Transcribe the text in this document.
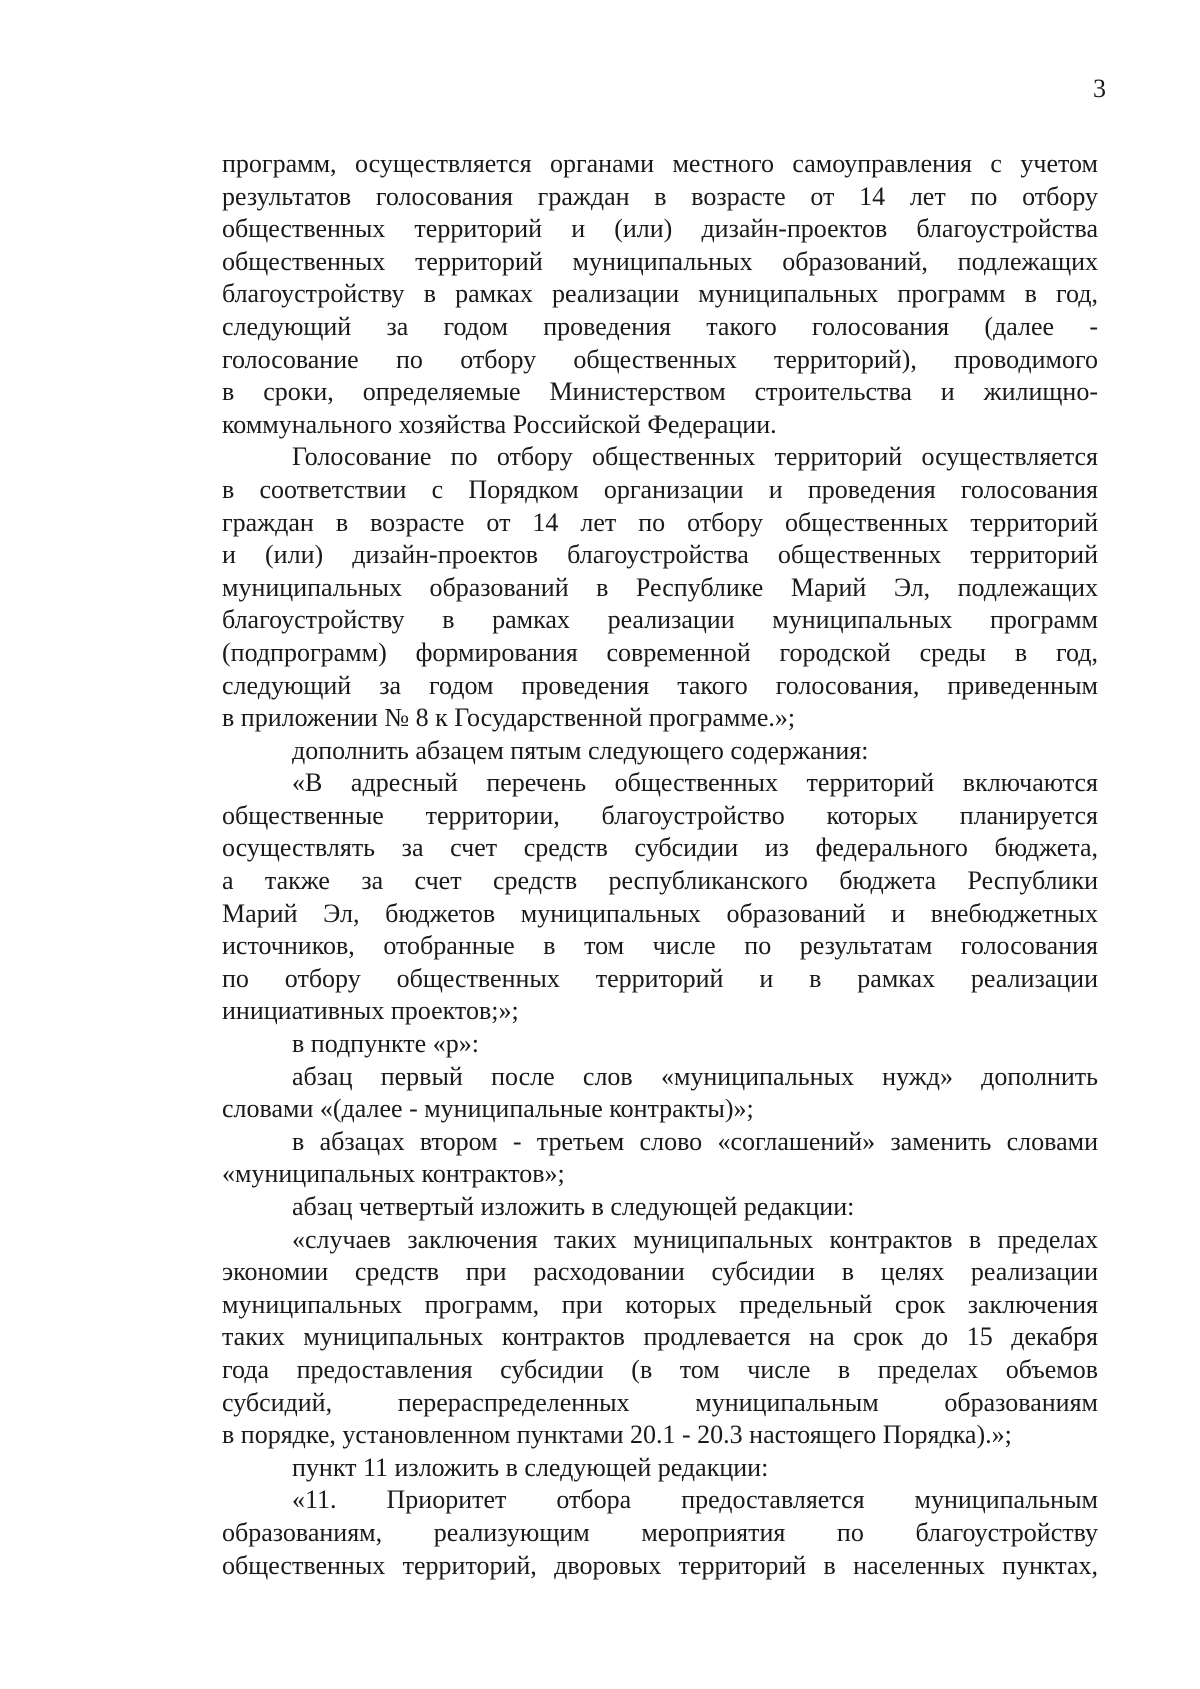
3
программ, осуществляется органами местного самоуправления с учетом
результатов голосования граждан в возрасте от 14 лет по отбору
общественных территорий и (или) дизайн-проектов благоустройства
общественных территорий муниципальных образований, подлежащих
благоустройству в рамках реализации муниципальных программ в год,
следующий за годом проведения такого голосования (далее -
голосование по отбору общественных территорий), проводимого
в сроки, определяемые Министерством строительства и жилищно-
коммунального хозяйства Российской Федерации.
Голосование по отбору общественных территорий осуществляется
в соответствии с Порядком организации и проведения голосования
граждан в возрасте от 14 лет по отбору общественных территорий
и (или) дизайн-проектов благоустройства общественных территорий
муниципальных образований в Республике Марий Эл, подлежащих
благоустройству в рамках реализации муниципальных программ
(подпрограмм) формирования современной городской среды в год,
следующий за годом проведения такого голосования, приведенным
в приложении № 8 к Государственной программе.»;
дополнить абзацем пятым следующего содержания:
«В адресный перечень общественных территорий включаются
общественные территории, благоустройство которых планируется
осуществлять за счет средств субсидии из федерального бюджета,
а также за счет средств республиканского бюджета Республики
Марий Эл, бюджетов муниципальных образований и внебюджетных
источников, отобранные в том числе по результатам голосования
по отбору общественных территорий и в рамках реализации
инициативных проектов;»;
в подпункте «р»:
абзац первый после слов «муниципальных нужд» дополнить
словами «(далее - муниципальные контракты)»;
в абзацах втором - третьем слово «соглашений» заменить словами
«муниципальных контрактов»;
абзац четвертый изложить в следующей редакции:
«случаев заключения таких муниципальных контрактов в пределах
экономии средств при расходовании субсидии в целях реализации
муниципальных программ, при которых предельный срок заключения
таких муниципальных контрактов продлевается на срок до 15 декабря
года предоставления субсидии (в том числе в пределах объемов
субсидий, перераспределенных муниципальным образованиям
в порядке, установленном пунктами 20.1 - 20.3 настоящего Порядка).»;
пункт 11 изложить в следующей редакции:
«11. Приоритет отбора предоставляется муниципальным
образованиям, реализующим мероприятия по благоустройству
общественных территорий, дворовых территорий в населенных пунктах,
